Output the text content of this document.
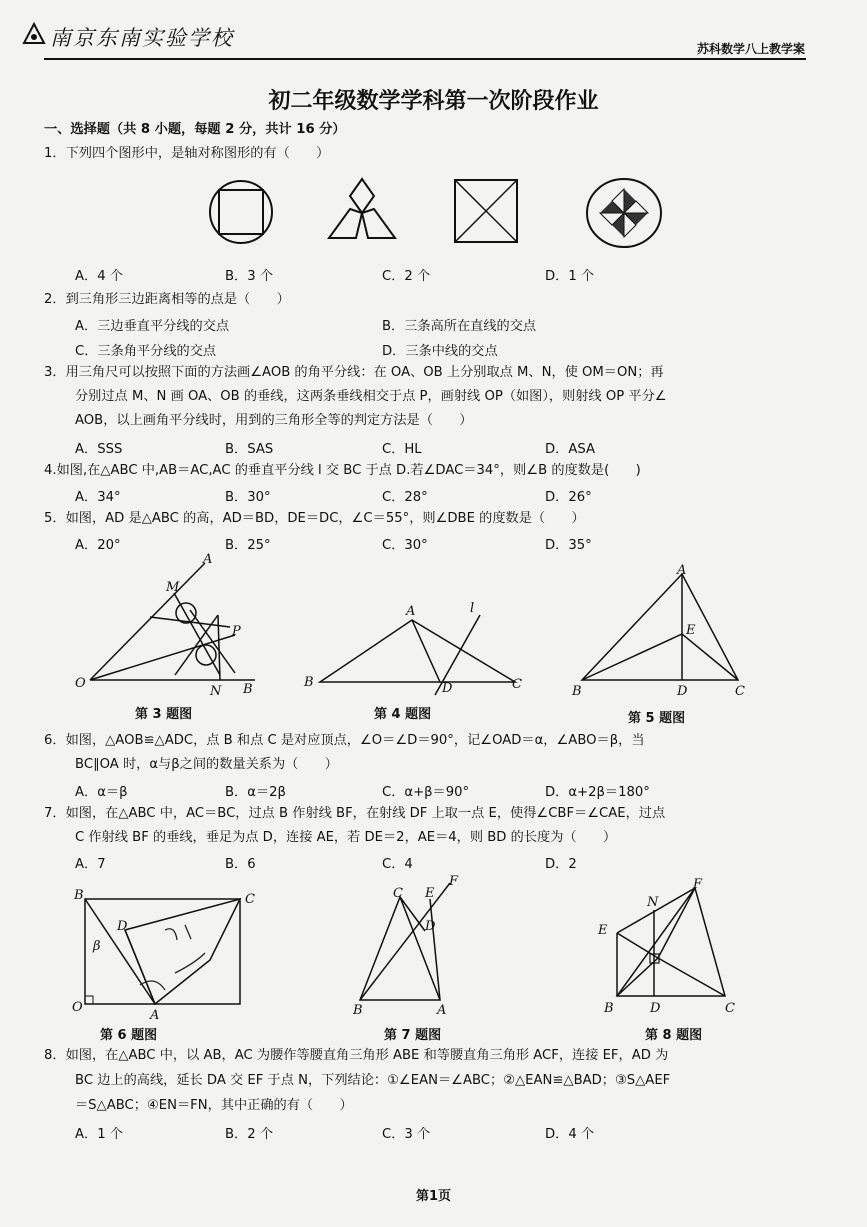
南京东南实验学校	苏科数学八上教学案
初二年级数学学科第一次阶段作业
一、选择题（共 8 小题，每题 2 分，共计 16 分）
1．下列四个图形中，是轴对称图形的有（　　）
A．4 个	B．3 个	C．2 个	D．1 个
2．到三角形三边距离相等的点是（　　）
A．三边垂直平分线的交点	B．三条高所在直线的交点
C．三条角平分线的交点	D．三条中线的交点
3．用三角尺可以按照下面的方法画∠AOB 的角平分线：在 OA、OB 上分别取点 M、N，使 OM＝ON；再
分别过点 M、N 画 OA、OB 的垂线，这两条垂线相交于点 P，画射线 OP（如图），则射线 OP 平分∠
AOB，以上画角平分线时，用到的三角形全等的判定方法是（　　）
A．SSS	B．SAS	C．HL	D．ASA
4.如图,在△ABC 中,AB＝AC,AC 的垂直平分线 l 交 BC 于点 D.若∠DAC＝34°，则∠B 的度数是(　　)
A．34°	B．30°	C．28°	D．26°
5．如图，AD 是△ABC 的高，AD＝BD，DE＝DC，∠C＝55°，则∠DBE 的度数是（　　）
A．20°	B．25°	C．30°	D．35°
A
M
P
O
N B
第 3 题图
A	l
B	D	C
第 4 题图
A
E
B	D	C
第 5 题图
6．如图，△AOB≌△ADC，点 B 和点 C 是对应顶点，∠O＝∠D＝90°，记∠OAD＝α，∠ABO＝β，当
BC∥OA 时，α与β之间的数量关系为（　　）
A．α＝β	B．α＝2β	C．α+β＝90°	D．α+2β＝180°
7．如图，在△ABC 中，AC＝BC，过点 B 作射线 BF，在射线 DF 上取一点 E，使得∠CBF＝∠CAE，过点
C 作射线 BF 的垂线，垂足为点 D，连接 AE，若 DE＝2，AE＝4，则 BD 的长度为（　　）
A．7	B．6	C．4	D．2
B	C
D
β
O
A
第 6 题图
C E
F
D
B	A
第 7 题图
F
N
E
B	D	C
第 8 题图
8．如图，在△ABC 中，以 AB，AC 为腰作等腰直角三角形 ABE 和等腰直角三角形 ACF，连接 EF，AD 为
BC 边上的高线，延长 DA 交 EF 于点 N，下列结论：①∠EAN＝∠ABC；②△EAN≌△BAD；③S△AEF
＝S△ABC；④EN＝FN，其中正确的有（　　）
A．1 个	B．2 个	C．3 个	D．4 个
第1页
